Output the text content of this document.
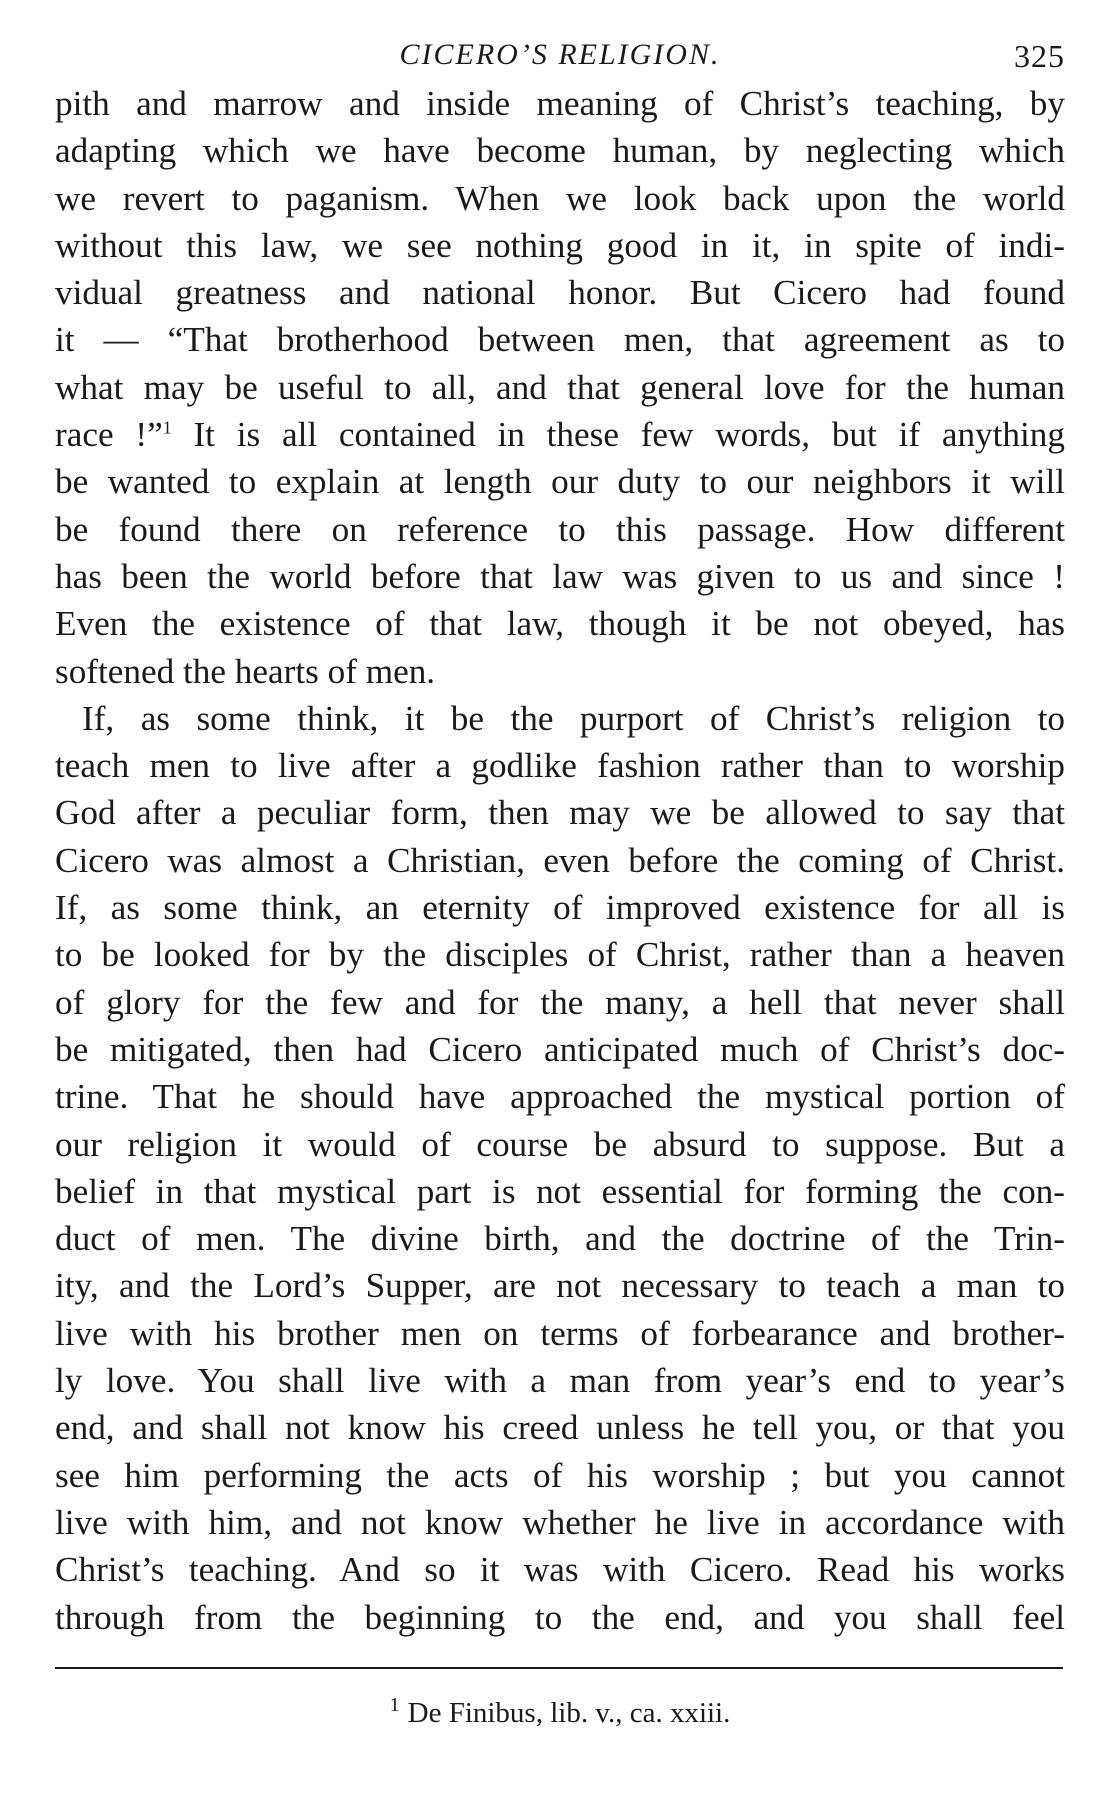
CICERO’S RELIGION.	325
pith and marrow and inside meaning of Christ’s teaching, by
adapting which we have become human, by neglecting which
we revert to paganism. When we look back upon the world
without this law, we see nothing good in it, in spite of indi-
vidual greatness and national honor. But Cicero had found
it — “That brotherhood between men, that agreement as to
what may be useful to all, and that general love for the human
race !”$^1$ It is all contained in these few words, but if anything
be wanted to explain at length our duty to our neighbors it will
be found there on reference to this passage. How different
has been the world before that law was given to us and since !
Even the existence of that law, though it be not obeyed, has
softened the hearts of men.
If, as some think, it be the purport of Christ’s religion to
teach men to live after a godlike fashion rather than to worship
God after a peculiar form, then may we be allowed to say that
Cicero was almost a Christian, even before the coming of Christ.
If, as some think, an eternity of improved existence for all is
to be looked for by the disciples of Christ, rather than a heaven
of glory for the few and for the many, a hell that never shall
be mitigated, then had Cicero anticipated much of Christ’s doc-
trine. That he should have approached the mystical portion of
our religion it would of course be absurd to suppose. But a
belief in that mystical part is not essential for forming the con-
duct of men. The divine birth, and the doctrine of the Trin-
ity, and the Lord’s Supper, are not necessary to teach a man to
live with his brother men on terms of forbearance and brother-
ly love. You shall live with a man from year’s end to year’s
end, and shall not know his creed unless he tell you, or that you
see him performing the acts of his worship ; but you cannot
live with him, and not know whether he live in accordance with
Christ’s teaching. And so it was with Cicero. Read his works
through from the beginning to the end, and you shall feel
$^1$ De Finibus, lib. v., ca. xxiii.
